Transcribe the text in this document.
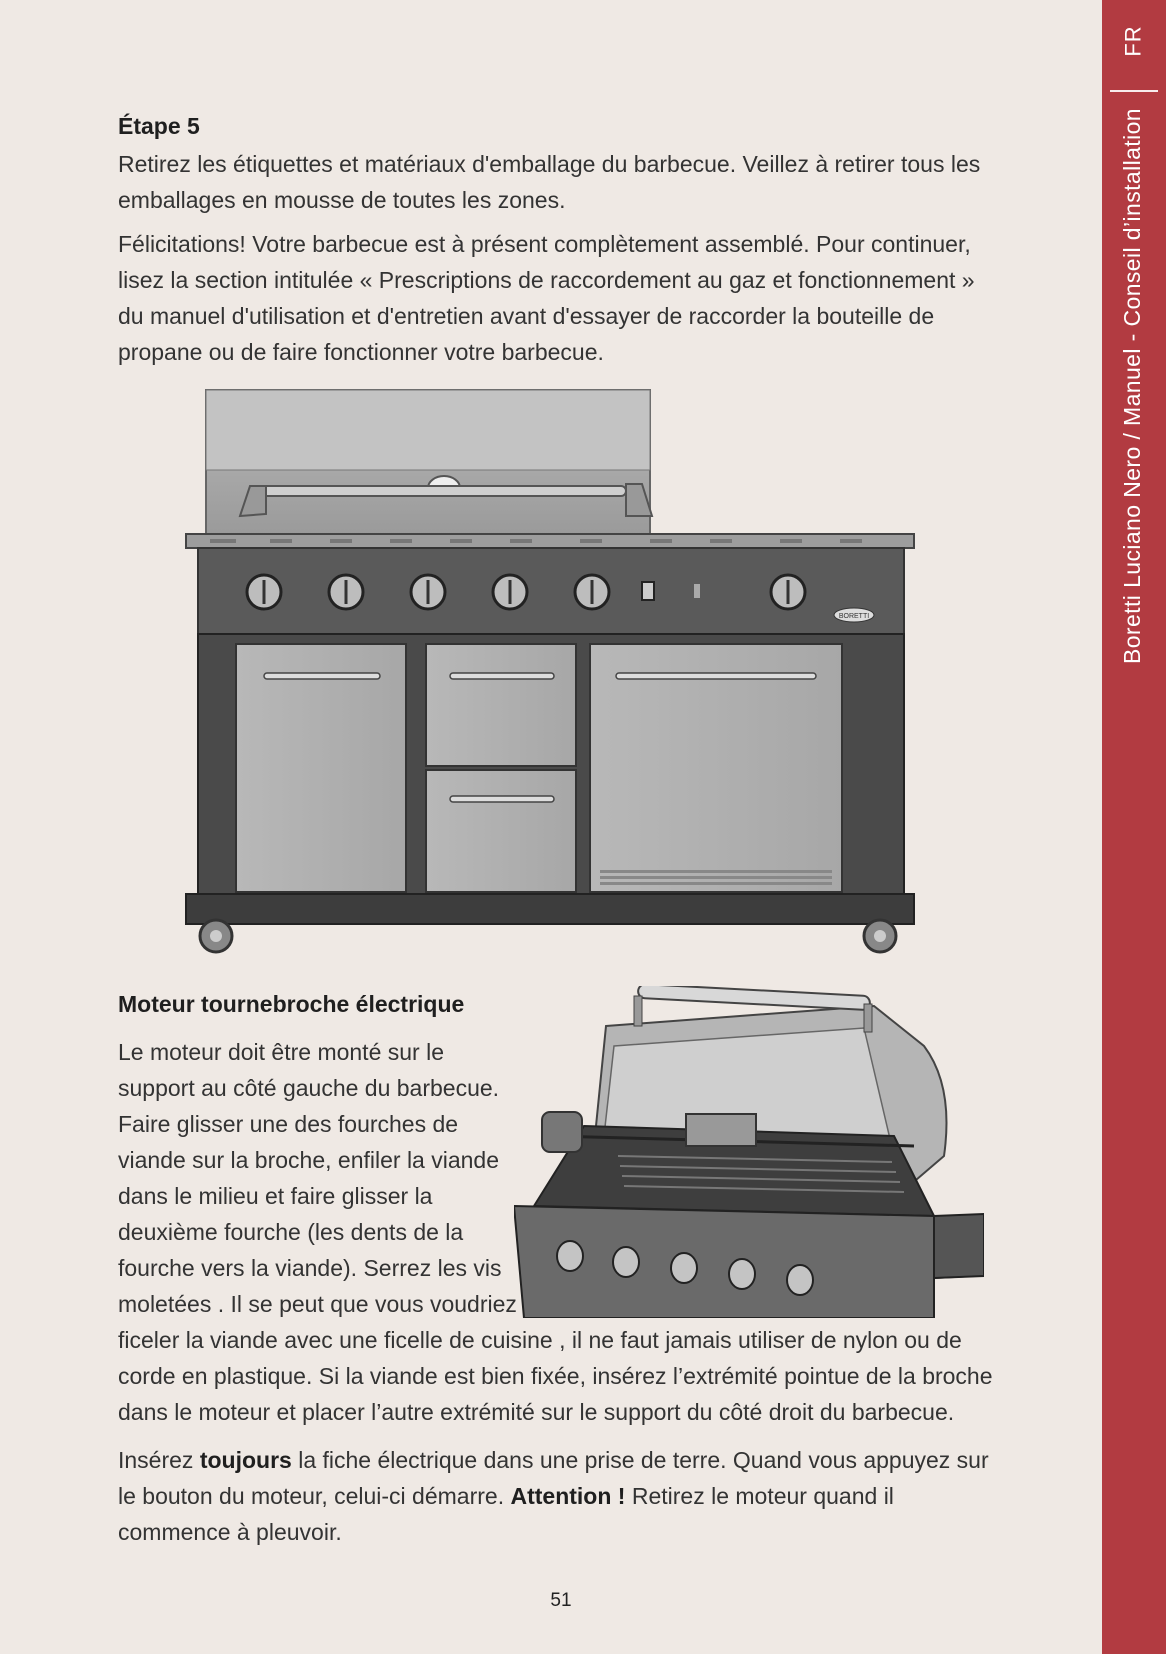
Étape 5

Retirez les étiquettes et matériaux d'emballage du barbecue. Veillez à retirer tous les emballages en mousse de toutes les zones.

Félicitations! Votre barbecue est à présent complètement assemblé. Pour continuer, lisez la section intitulée « Prescriptions de raccordement au gaz et fonctionnement » du manuel d'utilisation et d'entretien avant d'essayer de raccorder la bouteille de propane ou de faire fonctionner votre barbecue.

BORETTI
Moteur tournebroche électrique
Le moteur doit être monté sur le
support au côté gauche du barbecue.
Faire glisser une des fourches de
viande sur la broche, enfiler la viande
dans le milieu et faire glisser la
deuxième fourche (les dents de la
fourche vers la viande). Serrez les vis
moletées . Il se peut que vous voudriez

ficeler la viande avec une ficelle de cuisine , il ne faut jamais utiliser de nylon ou de corde en plastique. Si la viande est bien fixée, insérez l’extrémité pointue de la broche dans le moteur et placer l’autre extrémité sur le support du côté droit du barbecue.

Insérez toujours la fiche électrique dans une prise de terre. Quand vous appuyez sur le bouton du moteur, celui-ci démarre. Attention ! Retirez le moteur quand il commence à pleuvoir.

51
FR
Boretti Luciano Nero / Manuel - Conseil d’installation
